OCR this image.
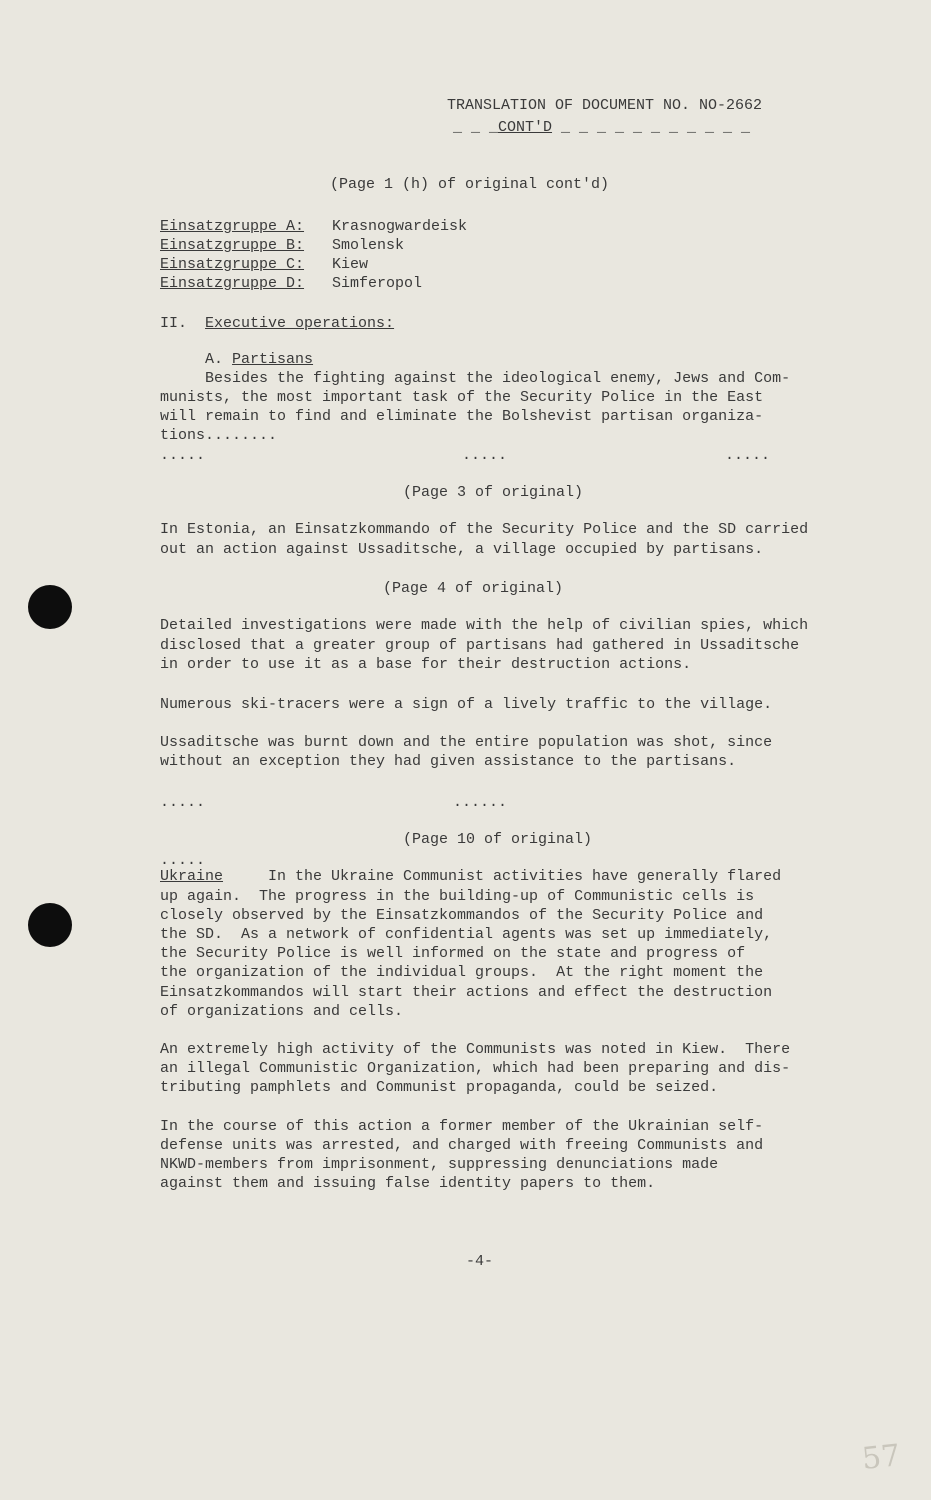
TRANSLATION OF DOCUMENT NO. NO-2662
_ _ _CONT'D _ _ _ _ _ _ _ _ _ _ _
(Page 1 (h) of original cont'd)
Einsatzgruppe A: Krasnogwardeisk
Einsatzgruppe B: Smolensk
Einsatzgruppe C: Kiew
Einsatzgruppe D: Simferopol
II. Executive operations:
A. Partisans
Besides the fighting against the ideological enemy, Jews and Com-
munists, the most important task of the Security Police in the East
will remain to find and eliminate the Bolshevist partisan organiza-
tions........
.....	.....	.....
(Page 3 of original)
In Estonia, an Einsatzkommando of the Security Police and the SD carried
out an action against Ussaditsche, a village occupied by partisans.
(Page 4 of original)
Detailed investigations were made with the help of civilian spies, which
disclosed that a greater group of partisans had gathered in Ussaditsche
in order to use it as a base for their destruction actions.
Numerous ski-tracers were a sign of a lively traffic to the village.
Ussaditsche was burnt down and the entire population was shot, since
without an exception they had given assistance to the partisans.
.....	......
(Page 10 of original)
.....
Ukraine	In the Ukraine Communist activities have generally flared
up again.  The progress in the building-up of Communistic cells is
closely observed by the Einsatzkommandos of the Security Police and
the SD.  As a network of confidential agents was set up immediately,
the Security Police is well informed on the state and progress of
the organization of the individual groups.  At the right moment the
Einsatzkommandos will start their actions and effect the destruction
of organizations and cells.
An extremely high activity of the Communists was noted in Kiew.  There
an illegal Communistic Organization, which had been preparing and dis-
tributing pamphlets and Communist propaganda, could be seized.
In the course of this action a former member of the Ukrainian self-
defense units was arrested, and charged with freeing Communists and
NKWD-members from imprisonment, suppressing denunciations made
against them and issuing false identity papers to them.
-4-
57
